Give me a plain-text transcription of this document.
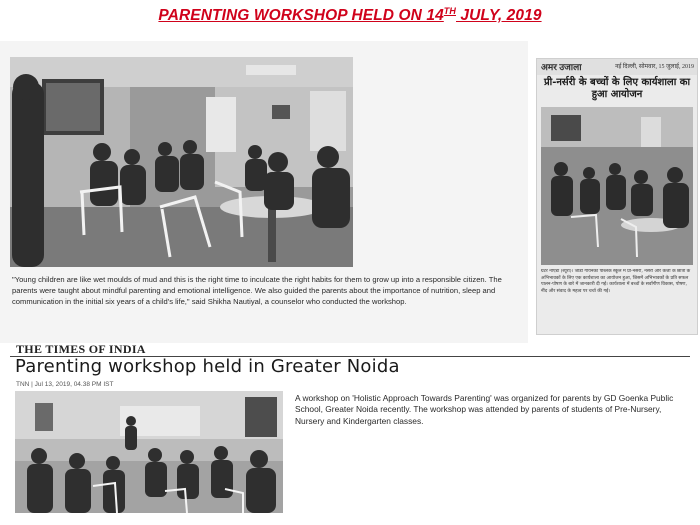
PARENTING WORKSHOP HELD ON 14TH JULY, 2019
"Young children are like wet moulds of mud and this is the right time to inculcate the right habits for them to grow up into a responsible citizen. The parents were taught about mindful parenting and emotional intelligence. We also guided the parents about the importance of nutrition, sleep and communication in the initial six years of a child's life," said Shikha Nautiyal, a counselor who conducted the workshop.
अमर उजाला	नई दिल्ली, सोमवार, 15 जुलाई, 2019
प्री-नर्सरी के बच्चों के लिए कार्यशाला का हुआ आयोजन
ग्रेटर नोएडा (ब्यूरो)। जीडी गोयनका पब्लिक स्कूल में प्री-नर्सरी, नर्सरी और केजी के छात्रों के अभिभावकों के लिए एक कार्यशाला का आयोजन हुआ, जिसमें अभिभावकों के प्रति सफल पालन-पोषण के बारे में जानकारी दी गई। कार्यशाला में बच्चों के सर्वांगीण विकास, पोषण, नींद और संवाद के महत्व पर चर्चा की गई।
THE TIMES OF INDIA
Parenting workshop held in Greater Noida
TNN | Jul 13, 2019, 04.38 PM IST
A workshop on 'Holistic Approach Towards Parenting' was organized for parents by GD Goenka Public School, Greater Noida recently. The workshop was attended by parents of students of Pre-Nursery, Nursery and Kindergarten classes.
